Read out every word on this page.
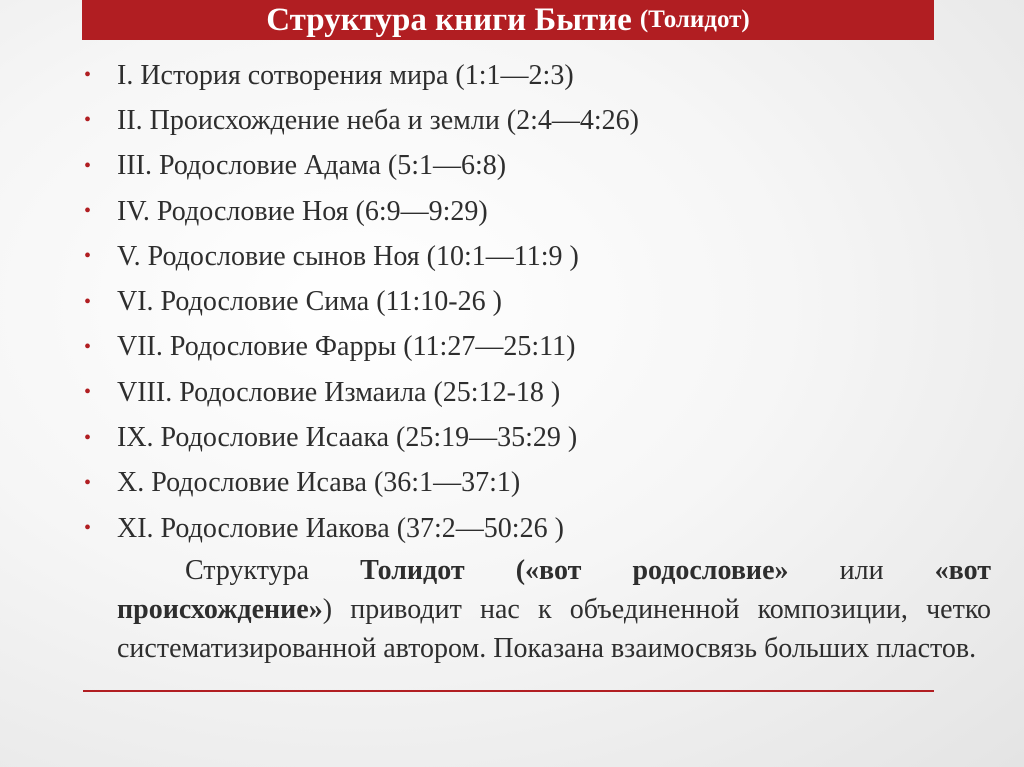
Структура книги Бытие (Толидот)
• I. История сотворения мира (1:1—2:3)
• II. Происхождение неба и земли (2:4—4:26)
• III. Родословие Адама (5:1—6:8)
• IV. Родословие Ноя (6:9—9:29)
• V. Родословие сынов Ноя (10:1—11:9 )
• VI. Родословие Сима (11:10-26 )
• VII. Родословие Фарры (11:27—25:11)
• VIII. Родословие Измаила (25:12-18 )
• IX. Родословие Исаака (25:19—35:29 )
• X. Родословие Исава (36:1—37:1)
• XI. Родословие Иакова (37:2—50:26 )
Структура Толидот («вот родословие» или «вот происхождение») приводит нас к объединенной композиции, четко систематизированной автором. Показана взаимосвязь больших пластов.
